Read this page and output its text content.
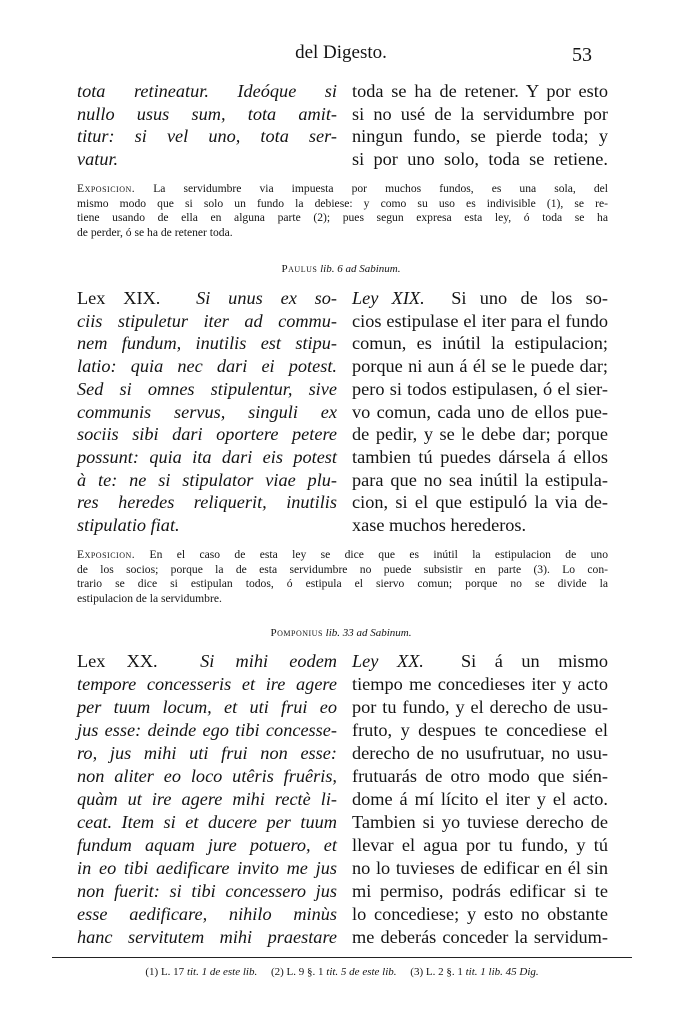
del Digesto.	53
tota retineatur. Ideóque si
nullo usus sum, tota amit-
titur: si vel uno, tota ser-
vatur.
toda se ha de retener. Y por esto
si no usé de la servidumbre por
ningun fundo, se pierde toda; y
si por uno solo, toda se retiene.
Exposicion. La servidumbre via impuesta por muchos fundos, es una sola, del
mismo modo que si solo un fundo la debiese: y como su uso es indivisible (1), se re-
tiene usando de ella en alguna parte (2); pues segun expresa esta ley, ó toda se ha
de perder, ó se ha de retener toda.
Paulus lib. 6 ad Sabinum.
Lex XIX. Si unus ex so-
ciis stipuletur iter ad commu-
nem fundum, inutilis est stipu-
latio: quia nec dari ei potest.
Sed si omnes stipulentur, sive
communis servus, singuli ex
sociis sibi dari oportere petere
possunt: quia ita dari eis potest
à te: ne si stipulator viae plu-
res heredes reliquerit, inutilis
stipulatio fiat.
Ley XIX. Si uno de los so-
cios estipulase el iter para el fundo
comun, es inútil la estipulacion;
porque ni aun á él se le puede dar;
pero si todos estipulasen, ó el sier-
vo comun, cada uno de ellos pue-
de pedir, y se le debe dar; porque
tambien tú puedes dársela á ellos
para que no sea inútil la estipula-
cion, si el que estipuló la via de-
xase muchos herederos.
Exposicion. En el caso de esta ley se dice que es inútil la estipulacion de uno
de los socios; porque la de esta servidumbre no puede subsistir en parte (3). Lo con-
trario se dice si estipulan todos, ó estipula el siervo comun; porque no se divide la
estipulacion de la servidumbre.
Pomponius lib. 33 ad Sabinum.
Lex XX. Si mihi eodem
tempore concesseris et ire agere
per tuum locum, et uti frui eo
jus esse: deinde ego tibi concesse-
ro, jus mihi uti frui non esse:
non aliter eo loco utêris fruêris,
quàm ut ire agere mihi rectè li-
ceat. Item si et ducere per tuum
fundum aquam jure potuero, et
in eo tibi aedificare invito me jus
non fuerit: si tibi concessero jus
esse aedificare, nihilo minùs
hanc servitutem mihi praestare
Ley XX. Si á un mismo
tiempo me concedieses iter y acto
por tu fundo, y el derecho de usu-
fruto, y despues te concediese el
derecho de no usufrutuar, no usu-
frutuarás de otro modo que sién-
dome á mí lícito el iter y el acto.
Tambien si yo tuviese derecho de
llevar el agua por tu fundo, y tú
no lo tuvieses de edificar en él sin
mi permiso, podrás edificar si te
lo concediese; y esto no obstante
me deberás conceder la servidum-
(1) L. 17 tit. 1 de este lib. (2) L. 9 §. 1 tit. 5 de este lib. (3) L. 2 §. 1 tit. 1 lib. 45 Dig.
